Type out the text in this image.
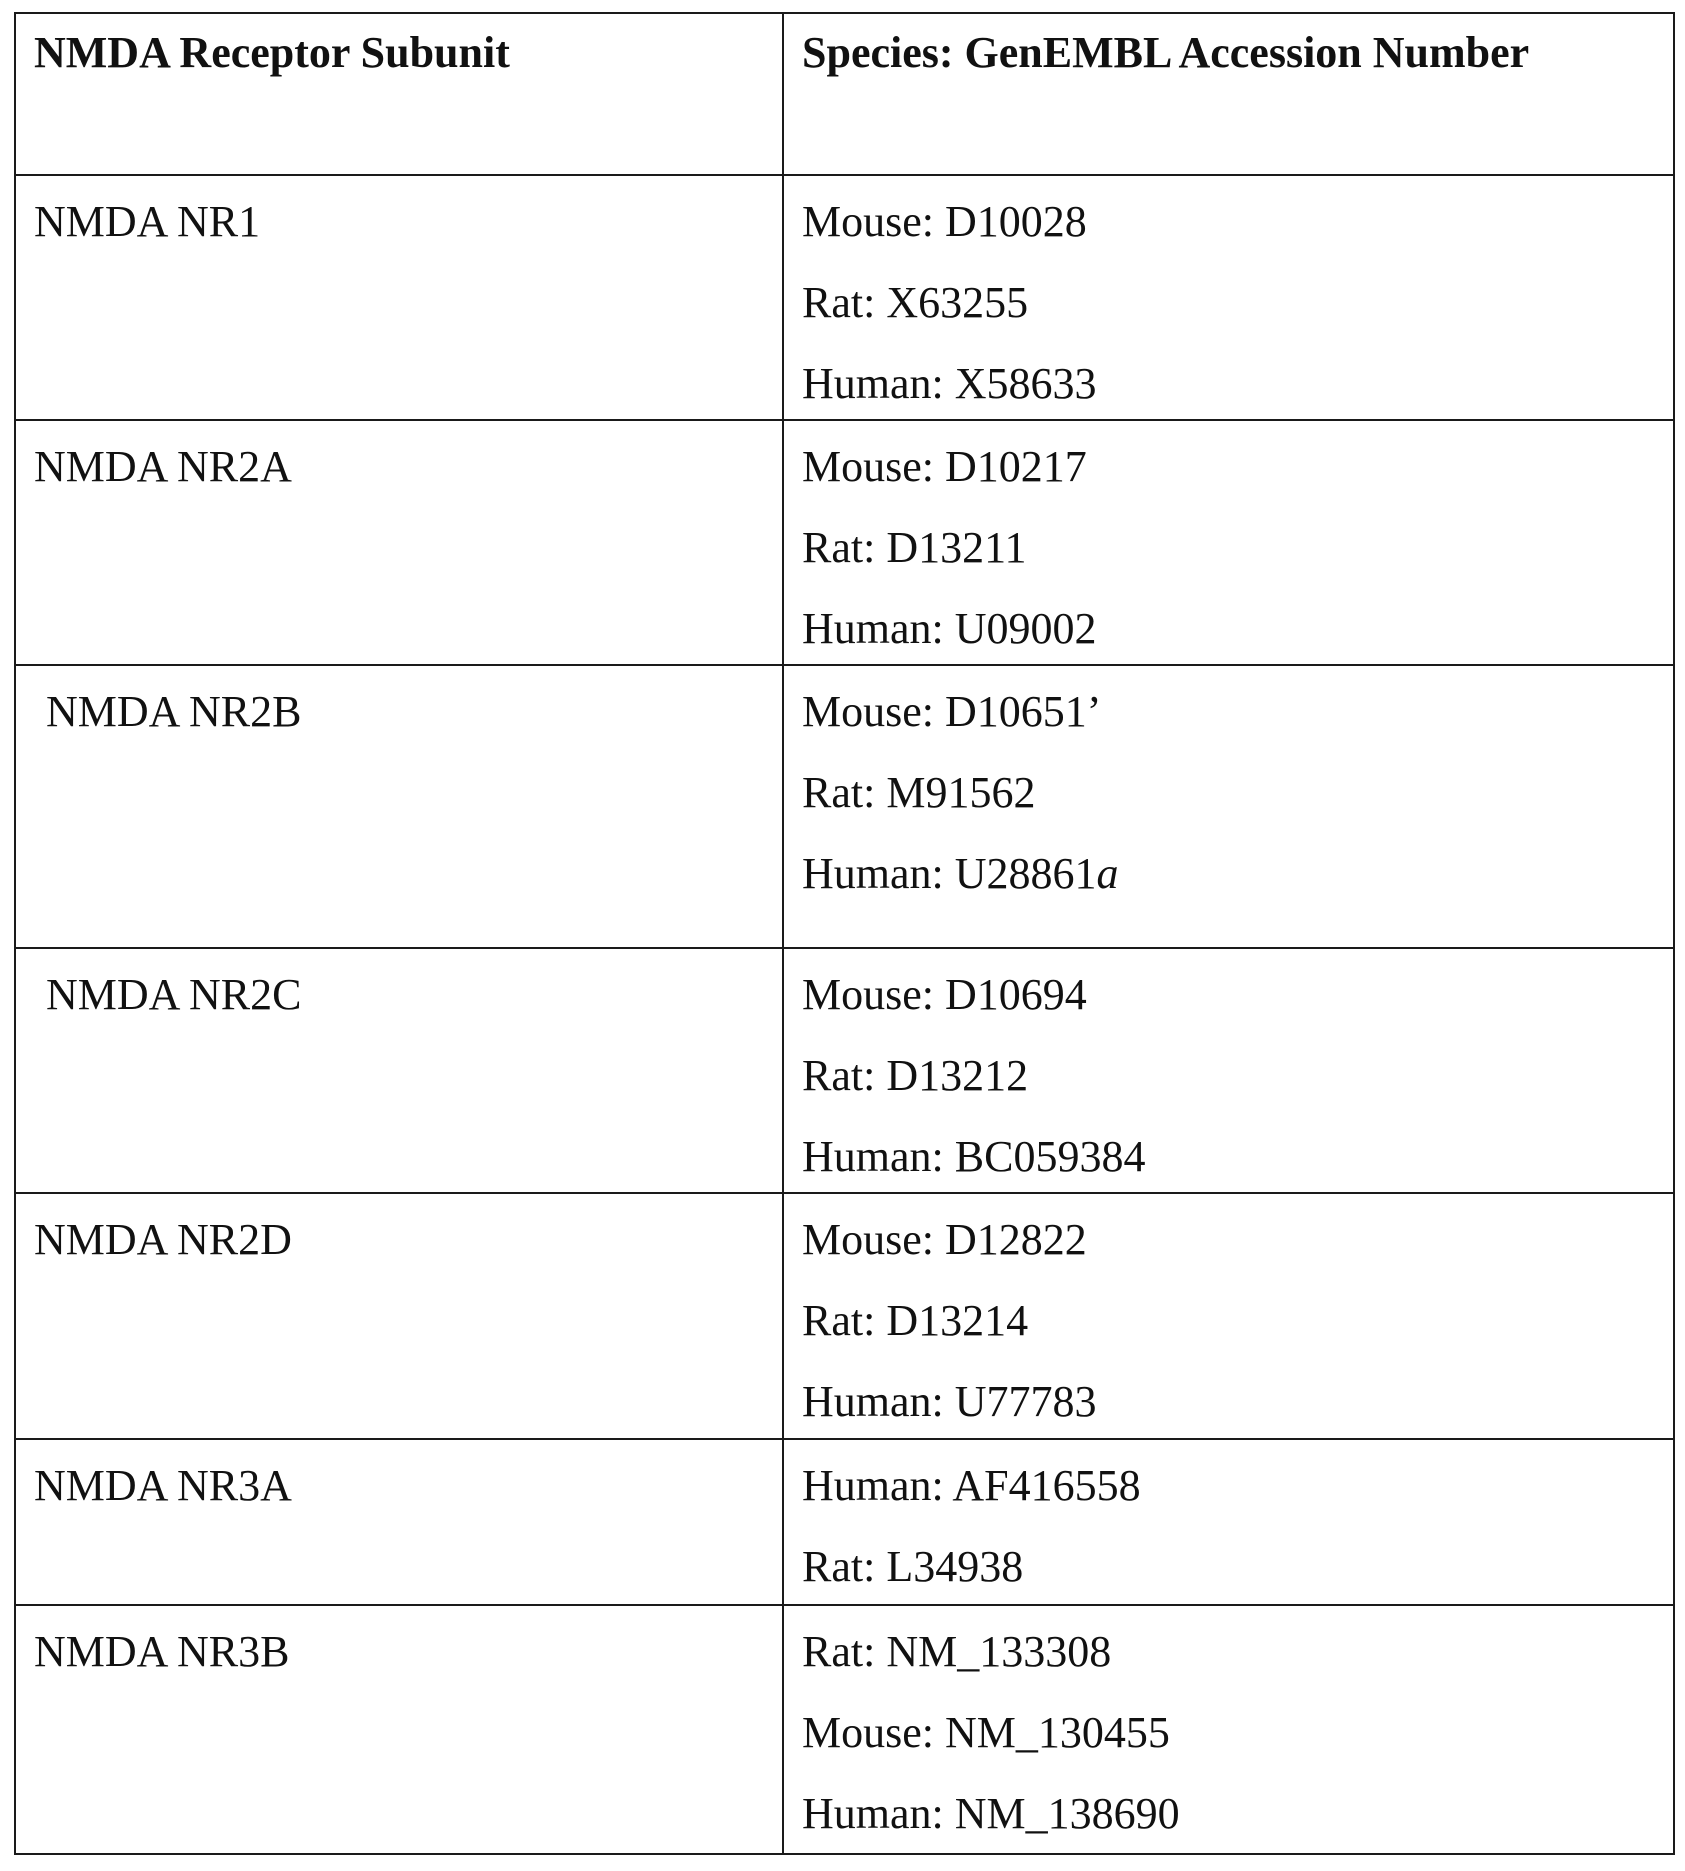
NMDA Receptor Subunit	Species: GenEMBL Accession Number
NMDA NR1	Mouse: D10028
Rat: X63255
Human: X58633

NMDA NR2A	Mouse: D10217
Rat: D13211
Human: U09002

NMDA NR2B	Mouse: D10651’
Rat: M91562
Human: U28861a

NMDA NR2C	Mouse: D10694
Rat: D13212
Human: BC059384

NMDA NR2D	Mouse: D12822
Rat: D13214
Human: U77783

NMDA NR3A	Human: AF416558
Rat: L34938

NMDA NR3B	Rat: NM_133308
Mouse: NM_130455
Human: NM_138690
